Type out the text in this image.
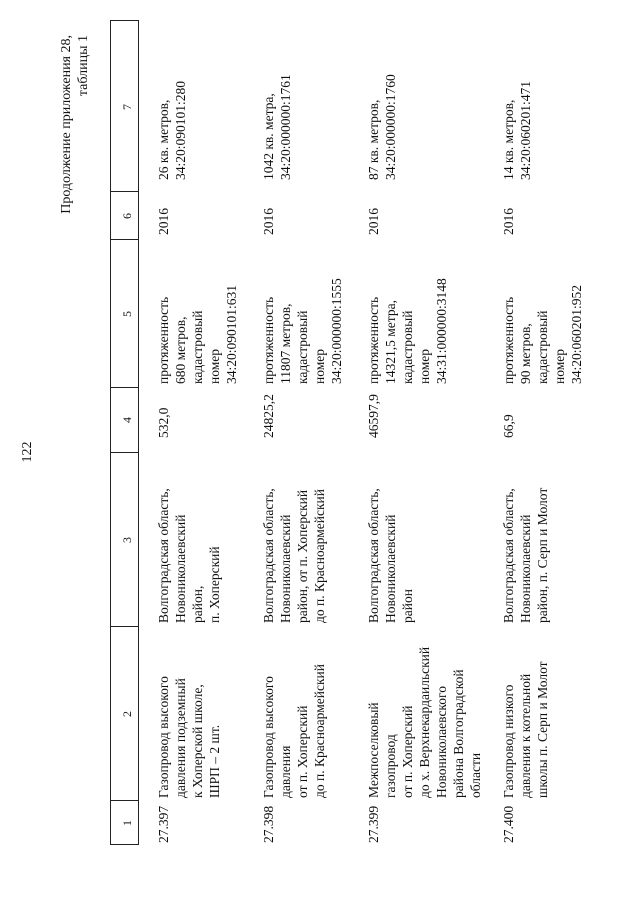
122
Продолжение приложения 28, таблицы 1
1
2
3
4
5
6
7
27.397
Газопровод высокого давления подземный к Хоперской школе, ШРП – 2 шт.
Волгоградская область, Новониколаевский район, п. Хоперский
532,0
протяженность 680 метров, кадастровый номер 34:20:090101:631
2016
26 кв. метров, 34:20:090101:280
27.398
Газопровод высокого давления от п. Хоперский до п. Красноармейский
Волгоградская область, Новониколаевский район, от п. Хоперский до п. Красноармейский
24825,2
протяженность 11807 метров, кадастровый номер 34:20:000000:1555
2016
1042 кв. метра, 34:20:000000:1761
27.399
Межпоселковый газопровод от п. Хоперский до х. Верхнекардаильский Новониколаевского района Волгоградской области
Волгоградская область, Новониколаевский район
46597,9
протяженность 14321,5 метра, кадастровый номер 34:31:000000:3148
2016
87 кв. метров, 34:20:000000:1760
27.400
Газопровод низкого давления к котельной школы п. Серп и Молот
Волгоградская область, Новониколаевский район, п. Серп и Молот
66,9
протяженность 90 метров, кадастровый номер 34:20:060201:952
2016
14 кв. метров, 34:20:060201:471
